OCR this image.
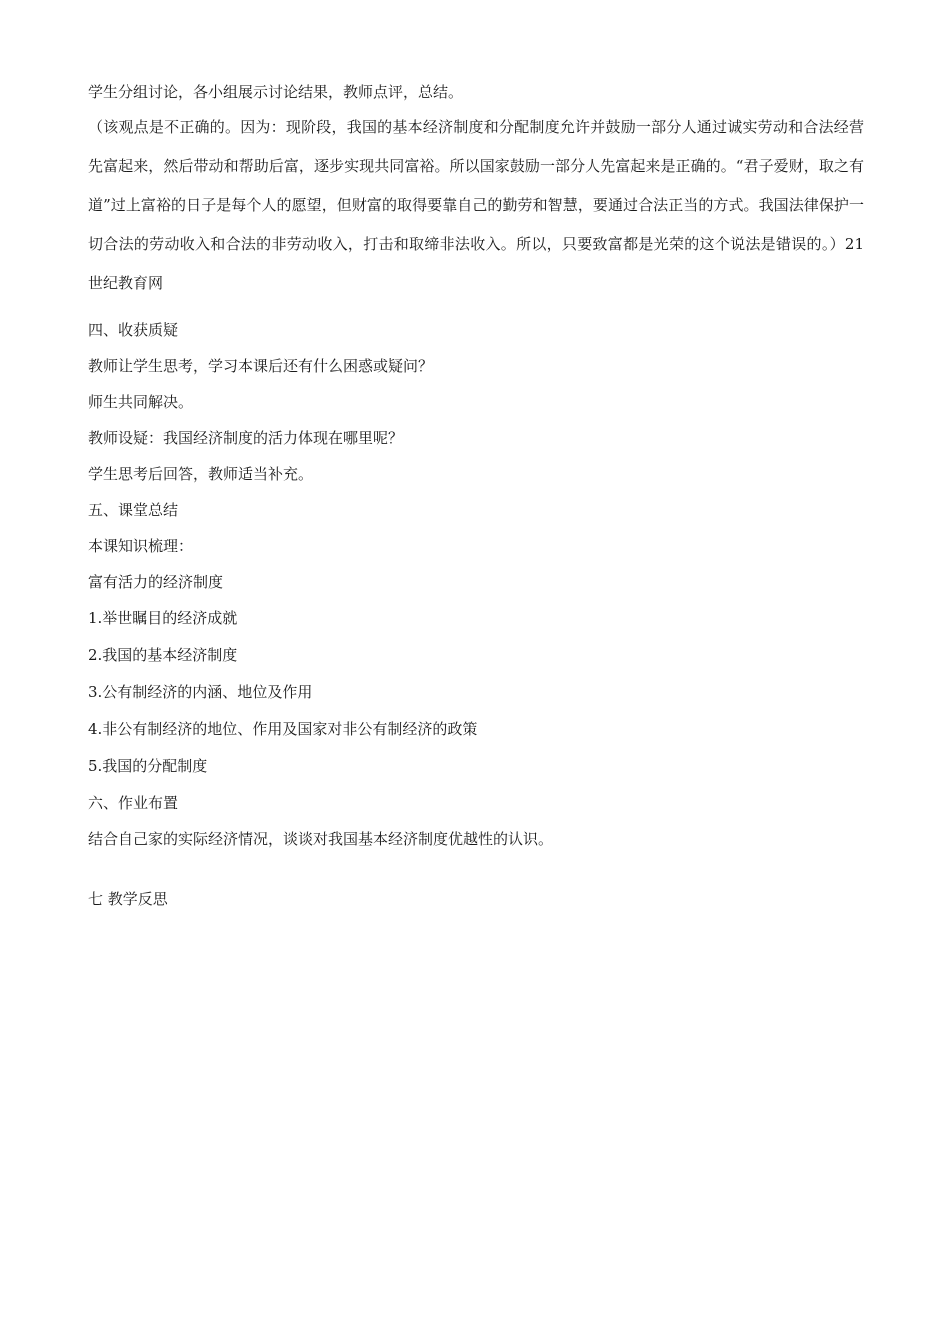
学生分组讨论，各小组展示讨论结果，教师点评，总结。
（该观点是不正确的。因为：现阶段，我国的基本经济制度和分配制度允许并鼓励一部分人通过诚实劳动和合法经营先富起来，然后带动和帮助后富，逐步实现共同富裕。所以国家鼓励一部分人先富起来是正确的。“君子爱财，取之有道”过上富裕的日子是每个人的愿望，但财富的取得要靠自己的勤劳和智慧，要通过合法正当的方式。我国法律保护一切合法的劳动收入和合法的非劳动收入，打击和取缔非法收入。所以，只要致富都是光荣的这个说法是错误的。）21世纪教育网
四、收获质疑
教师让学生思考，学习本课后还有什么困惑或疑问？
师生共同解决。
教师设疑：我国经济制度的活力体现在哪里呢？
学生思考后回答，教师适当补充。
五、课堂总结
本课知识梳理：
富有活力的经济制度
1.举世瞩目的经济成就
2.我国的基本经济制度
3.公有制经济的内涵、地位及作用
4.非公有制经济的地位、作用及国家对非公有制经济的政策
5.我国的分配制度
六、作业布置
结合自己家的实际经济情况，谈谈对我国基本经济制度优越性的认识。
七 教学反思
